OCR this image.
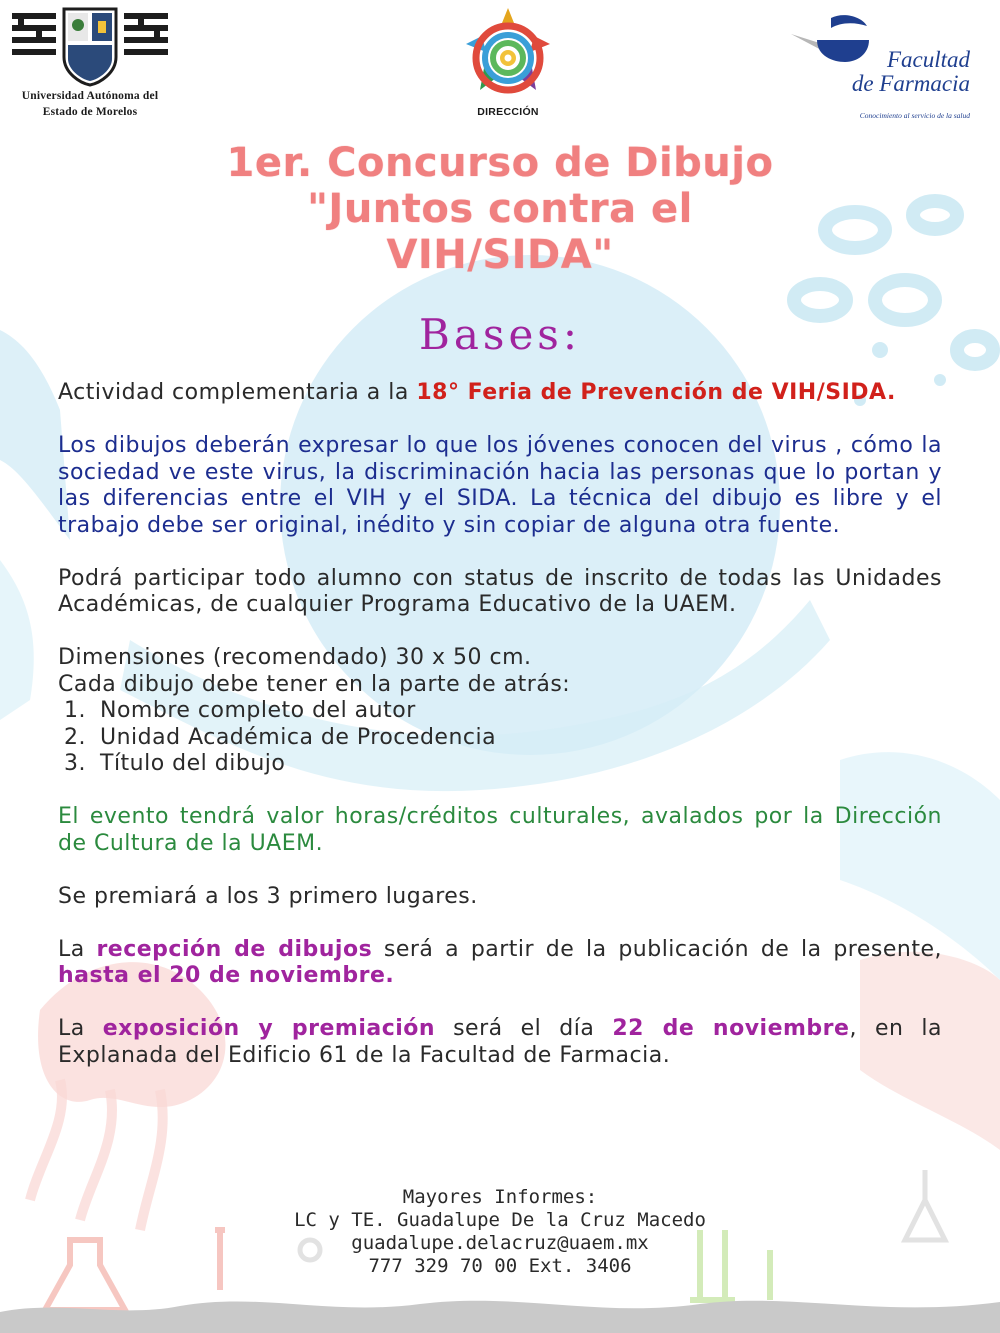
Universidad Autónoma del
Estado de Morelos	DIRECCIÓN
Facultad
de Farmacia
Conocimiento al servicio de la salud
1er. Concurso de Dibujo
"Juntos contra el
VIH/SIDA"
Bases:

Actividad complementaria a la 18° Feria de Prevención de VIH/SIDA.

Los dibujos deberán expresar lo que los jóvenes conocen del virus , cómo la sociedad ve este virus, la discriminación hacia las personas que lo portan y las diferencias entre el VIH y el SIDA. La técnica del dibujo es libre y el trabajo debe ser original, inédito y sin copiar de alguna otra fuente.

Podrá participar todo alumno con status de inscrito de todas las Unidades Académicas, de cualquier Programa Educativo de la UAEM.

Dimensiones (recomendado) 30 x 50 cm.
Cada dibujo debe tener en la parte de atrás:
1. Nombre completo del autor
2. Unidad Académica de Procedencia
3. Título del dibujo

El evento tendrá valor horas/créditos culturales, avalados por la Dirección de Cultura de la UAEM.

Se premiará a los 3 primero lugares.

La recepción de dibujos será a partir de la publicación de la presente, hasta el 20 de noviembre.

La exposición y premiación será el día 22 de noviembre, en la Explanada del Edificio 61 de la Facultad de Farmacia.

Mayores Informes:
LC y TE. Guadalupe De la Cruz Macedo
guadalupe.delacruz@uaem.mx
777 329 70 00 Ext. 3406
